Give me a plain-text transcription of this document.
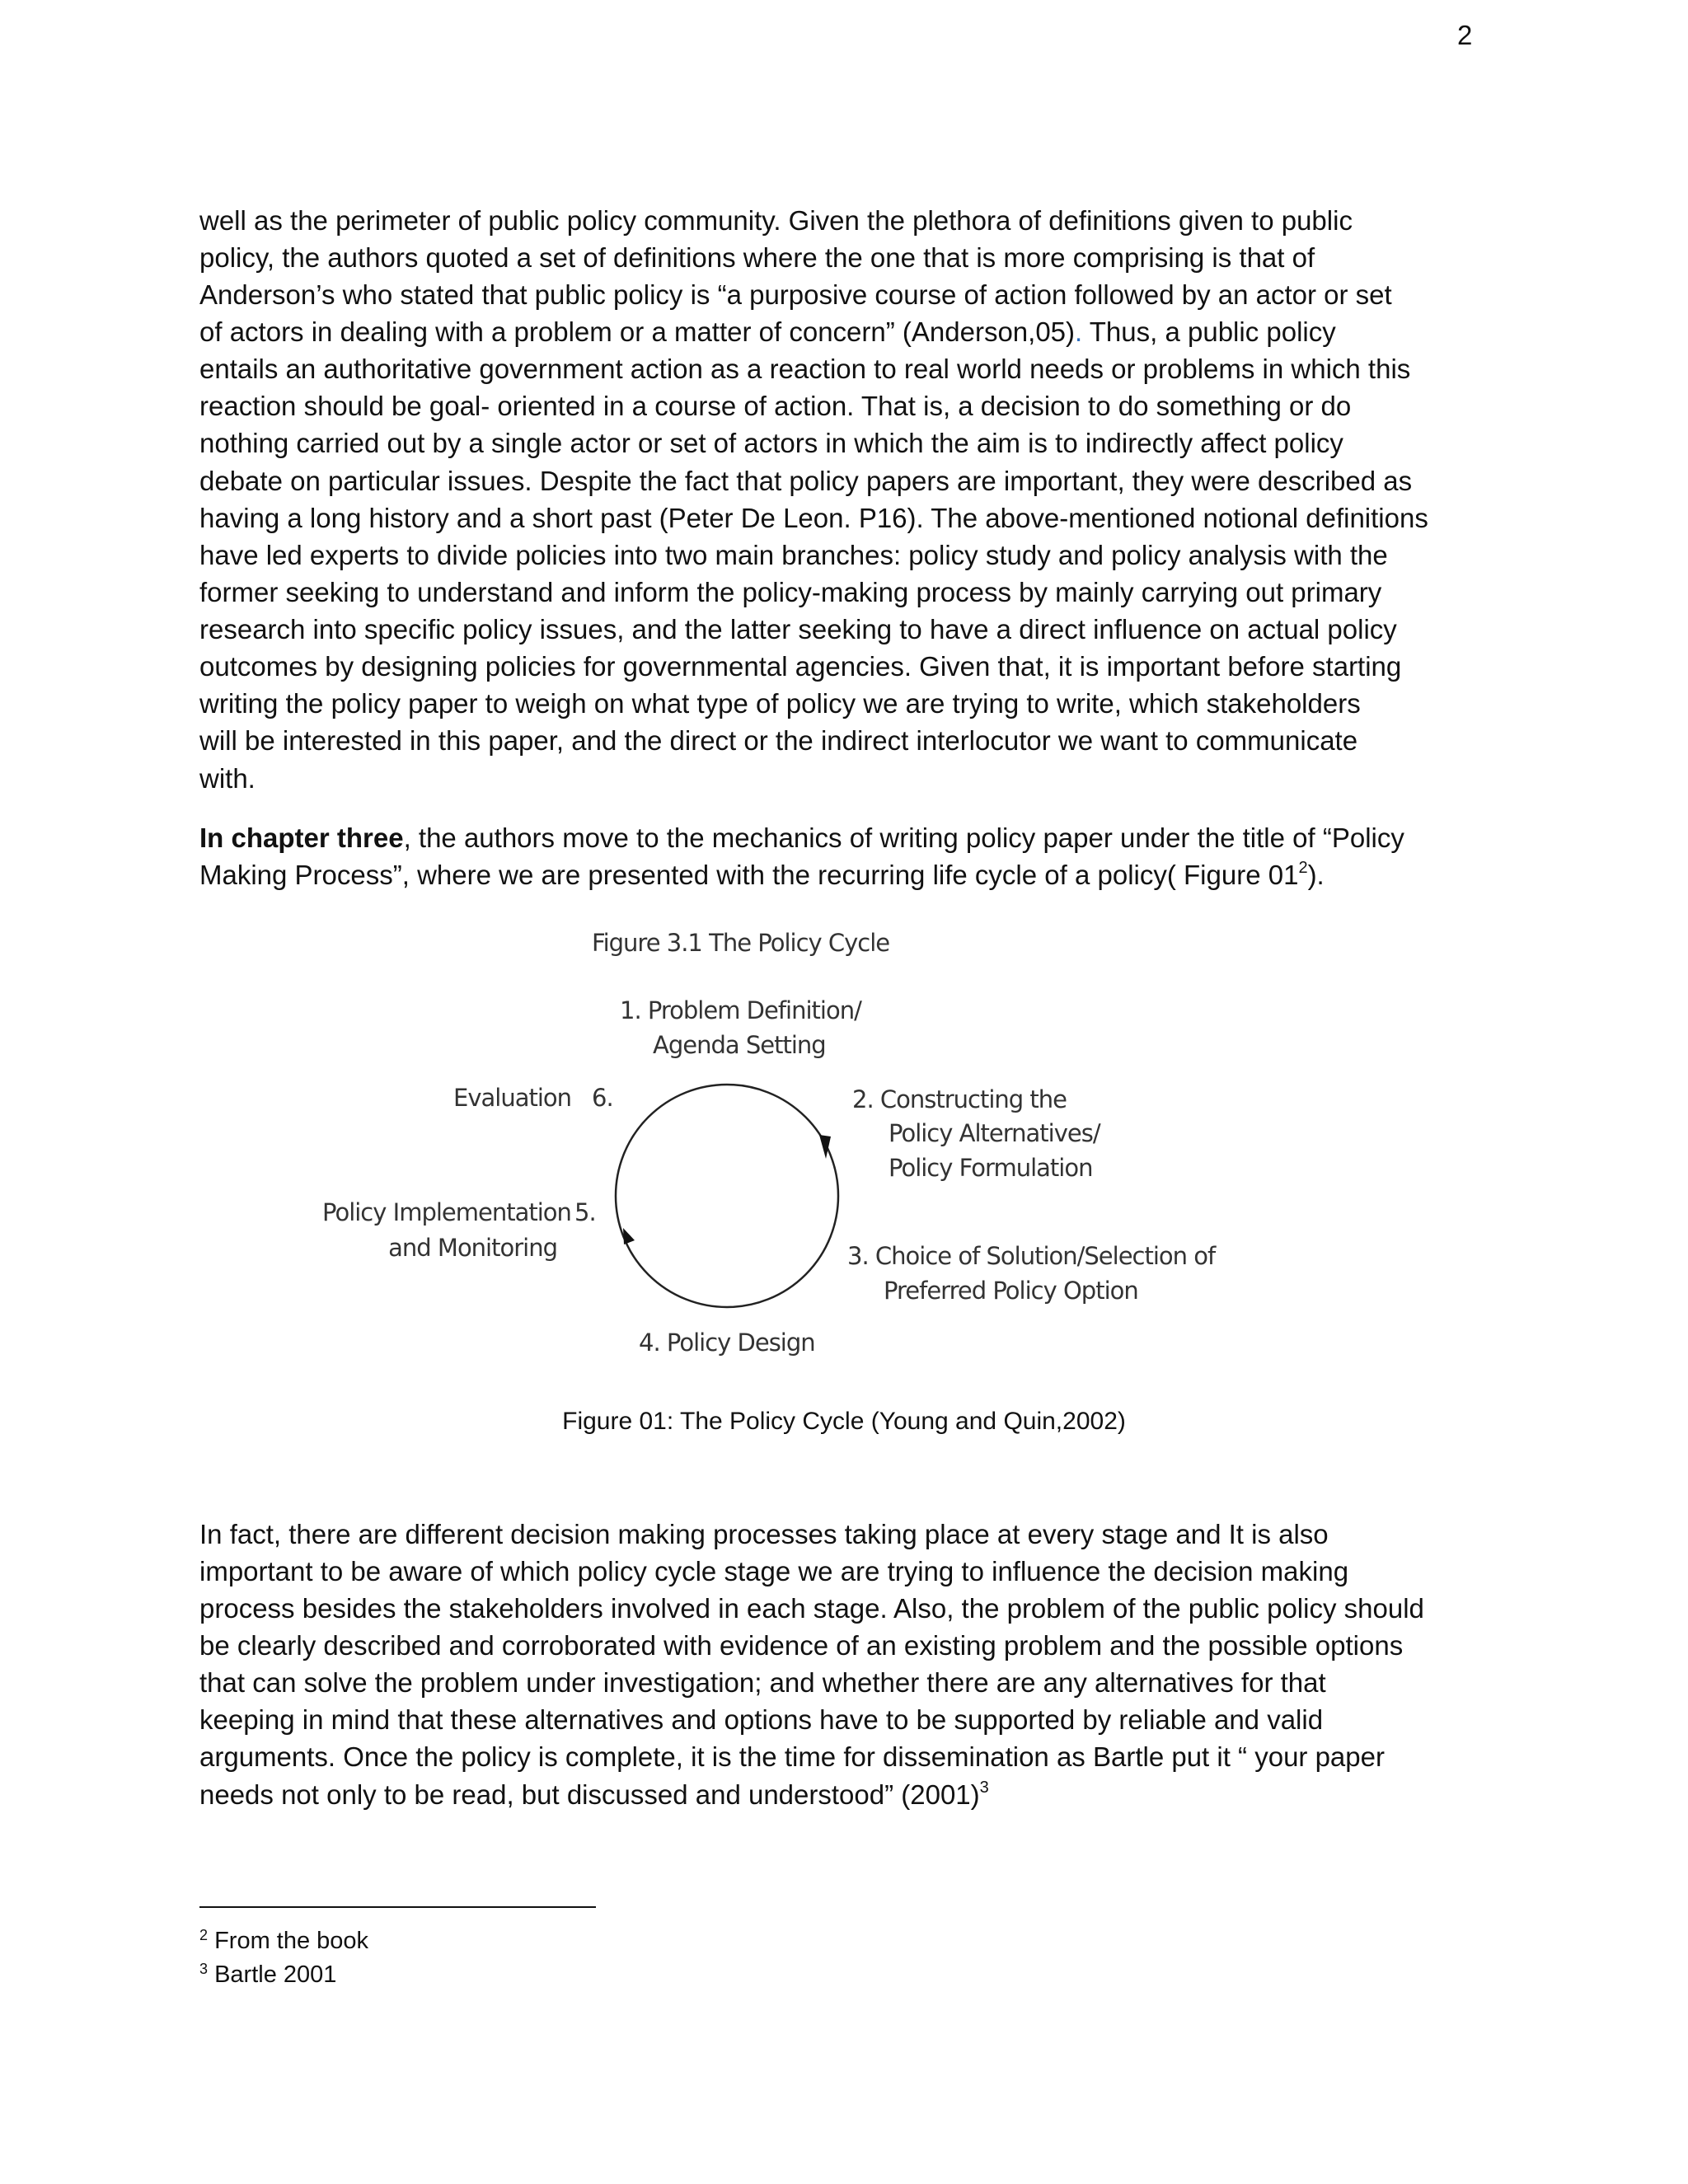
2
well as the perimeter of public policy community. Given the plethora of definitions given to public
policy, the authors quoted a set of definitions where the one that is more comprising is that of
Anderson’s who stated that public policy is “a purposive course of action followed by an actor or set
of actors in dealing with a problem or a matter of concern” (Anderson,05). Thus, a public policy
entails an authoritative government action as a reaction to real world needs or problems in which this
reaction should be goal- oriented in a course of action. That is, a decision to do something or do
nothing carried out by a single actor or set of actors in which the aim is to indirectly affect policy
debate on particular issues. Despite the fact that policy papers are important, they were described as
having a long history and a short past (Peter De Leon. P16). The above-mentioned notional definitions
have led experts to divide policies into two main branches: policy study and policy analysis with the
former seeking to understand and inform the policy-making process by mainly carrying out primary
research into specific policy issues, and the latter seeking to have a direct influence on actual policy
outcomes by designing policies for governmental agencies. Given that, it is important before starting
writing the policy paper to weigh on what type of policy we are trying to write, which stakeholders
will be interested in this paper, and the direct or the indirect interlocutor we want to communicate
with.
In chapter three, the authors move to the mechanics of writing policy paper under the title of “Policy
Making Process”, where we are presented with the recurring life cycle of a policy( Figure $01^2$).
Figure 3.1 The Policy Cycle
1. Problem Definition/
Agenda Setting
Evaluation 6.	2. Constructing the
Policy Alternatives/
Policy Formulation
Policy Implementation 5.
and Monitoring	3. Choice of Solution/Selection of
Preferred Policy Option
4. Policy Design
Figure 01: The Policy Cycle (Young and Quin,2002)
In fact, there are different decision making processes taking place at every stage and It is also
important to be aware of which policy cycle stage we are trying to influence the decision making
process besides the stakeholders involved in each stage. Also, the problem of the public policy should
be clearly described and corroborated with evidence of an existing problem and the possible options
that can solve the problem under investigation; and whether there are any alternatives for that
keeping in mind that these alternatives and options have to be supported by reliable and valid
arguments. Once the policy is complete, it is the time for dissemination as Bartle put it “ your paper
needs not only to be read, but discussed and understood” $(2001)^3$
$^2$ From the book
$^3$ Bartle 2001
